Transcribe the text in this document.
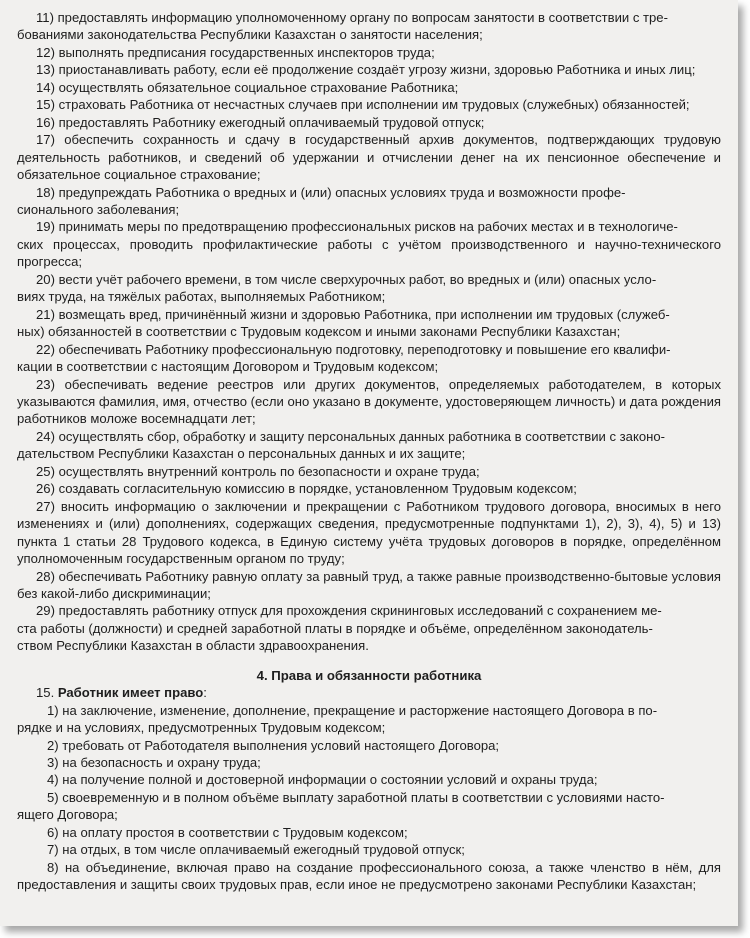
11) предоставлять информацию уполномоченному органу по вопросам занятости в соответствии с тре-

бованиями законодательства Республики Казахстан о занятости населения;

12) выполнять предписания государственных инспекторов труда;

13) приостанавливать работу, если её продолжение создаёт угрозу жизни, здоровью Работника и иных лиц;

14) осуществлять обязательное социальное страхование Работника;

15) страховать Работника от несчастных случаев при исполнении им трудовых (служебных) обязанностей;

16) предоставлять Работнику ежегодный оплачиваемый трудовой отпуск;

17) обеспечить сохранность и сдачу в государственный архив документов, подтверждающих трудовую деятельность работников, и сведений об удержании и отчислении денег на их пенсионное обеспечение и обязательное социальное страхование;

18) предупреждать Работника о вредных и (или) опасных условиях труда и возможности профе-

сионального заболевания;

19) принимать меры по предотвращению профессиональных рисков на рабочих местах и в технологиче-

ских процессах, проводить профилактические работы с учётом производственного и научно-технического прогресса;

20) вести учёт рабочего времени, в том числе сверхурочных работ, во вредных и (или) опасных усло-

виях труда, на тяжёлых работах, выполняемых Работником;

21) возмещать вред, причинённый жизни и здоровью Работника, при исполнении им трудовых (служеб-

ных) обязанностей в соответствии с Трудовым кодексом и иными законами Республики Казахстан;

22) обеспечивать Работнику профессиональную подготовку, переподготовку и повышение его квалифи-

кации в соответствии с настоящим Договором и Трудовым кодексом;

23) обеспечивать ведение реестров или других документов, определяемых работодателем, в которых указываются фамилия, имя, отчество (если оно указано в документе, удостоверяющем личность) и дата рождения работников моложе восемнадцати лет;

24) осуществлять сбор, обработку и защиту персональных данных работника в соответствии с законо-

дательством Республики Казахстан о персональных данных и их защите;

25) осуществлять внутренний контроль по безопасности и охране труда;

26) создавать согласительную комиссию в порядке, установленном Трудовым кодексом;

27) вносить информацию о заключении и прекращении с Работником трудового договора, вносимых в него изменениях и (или) дополнениях, содержащих сведения, предусмотренные подпунктами 1), 2), 3), 4), 5) и 13) пункта 1 статьи 28 Трудового кодекса, в Единую систему учёта трудовых договоров в порядке, определённом уполномоченным государственным органом по труду;

28) обеспечивать Работнику равную оплату за равный труд, а также равные производственно-бытовые условия без какой-либо дискриминации;

29) предоставлять работнику отпуск для прохождения скрининговых исследований с сохранением ме-

ста работы (должности) и средней заработной платы в порядке и объёме, определённом законодатель-

ством Республики Казахстан в области здравоохранения.

4. Права и обязанности работника

15. Работник имеет право:

1) на заключение, изменение, дополнение, прекращение и расторжение настоящего Договора в по-

рядке и на условиях, предусмотренных Трудовым кодексом;

2) требовать от Работодателя выполнения условий настоящего Договора;

3) на безопасность и охрану труда;

4) на получение полной и достоверной информации о состоянии условий и охраны труда;

5) своевременную и в полном объёме выплату заработной платы в соответствии с условиями насто-

ящего Договора;

6) на оплату простоя в соответствии с Трудовым кодексом;

7) на отдых, в том числе оплачиваемый ежегодный трудовой отпуск;

8) на объединение, включая право на создание профессионального союза, а также членство в нём, для предоставления и защиты своих трудовых прав, если иное не предусмотрено законами Республики Казахстан;
